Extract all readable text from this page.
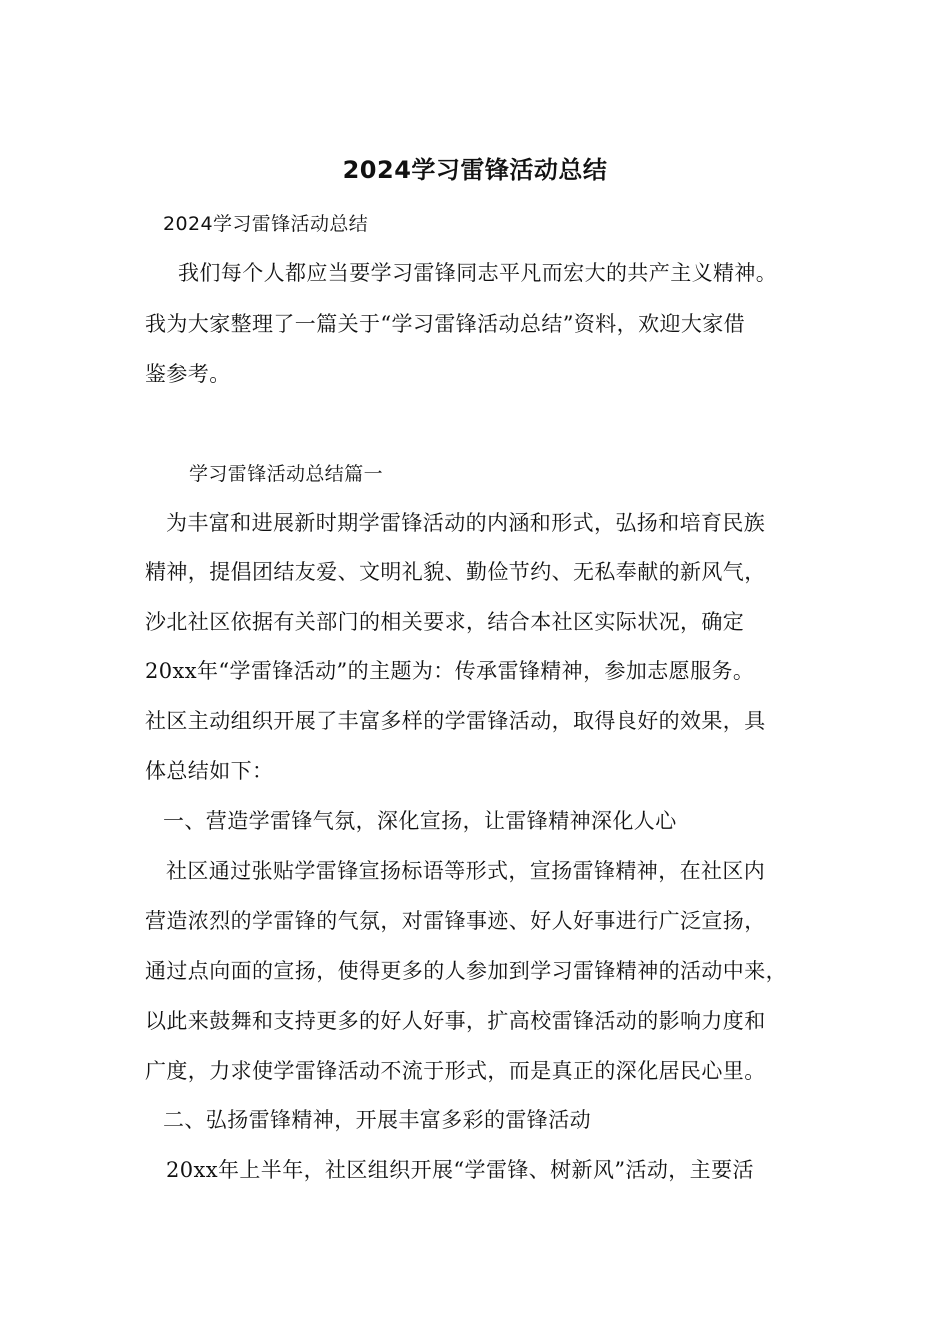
2024学习雷锋活动总结
2024学习雷锋活动总结
我们每个人都应当要学习雷锋同志平凡而宏大的共产主义精神。
我为大家整理了一篇关于“学习雷锋活动总结”资料，欢迎大家借
鉴参考。
学习雷锋活动总结篇一
为丰富和进展新时期学雷锋活动的内涵和形式，弘扬和培育民族
精神，提倡团结友爱、文明礼貌、勤俭节约、无私奉献的新风气，
沙北社区依据有关部门的相关要求，结合本社区实际状况，确定
20xx年“学雷锋活动”的主题为：传承雷锋精神，参加志愿服务。
社区主动组织开展了丰富多样的学雷锋活动，取得良好的效果，具
体总结如下：
一、营造学雷锋气氛，深化宣扬，让雷锋精神深化人心
社区通过张贴学雷锋宣扬标语等形式，宣扬雷锋精神，在社区内
营造浓烈的学雷锋的气氛，对雷锋事迹、好人好事进行广泛宣扬，
通过点向面的宣扬，使得更多的人参加到学习雷锋精神的活动中来，
以此来鼓舞和支持更多的好人好事，扩高校雷锋活动的影响力度和
广度，力求使学雷锋活动不流于形式，而是真正的深化居民心里。
二、弘扬雷锋精神，开展丰富多彩的雷锋活动
20xx年上半年，社区组织开展“学雷锋、树新风”活动，主要活
